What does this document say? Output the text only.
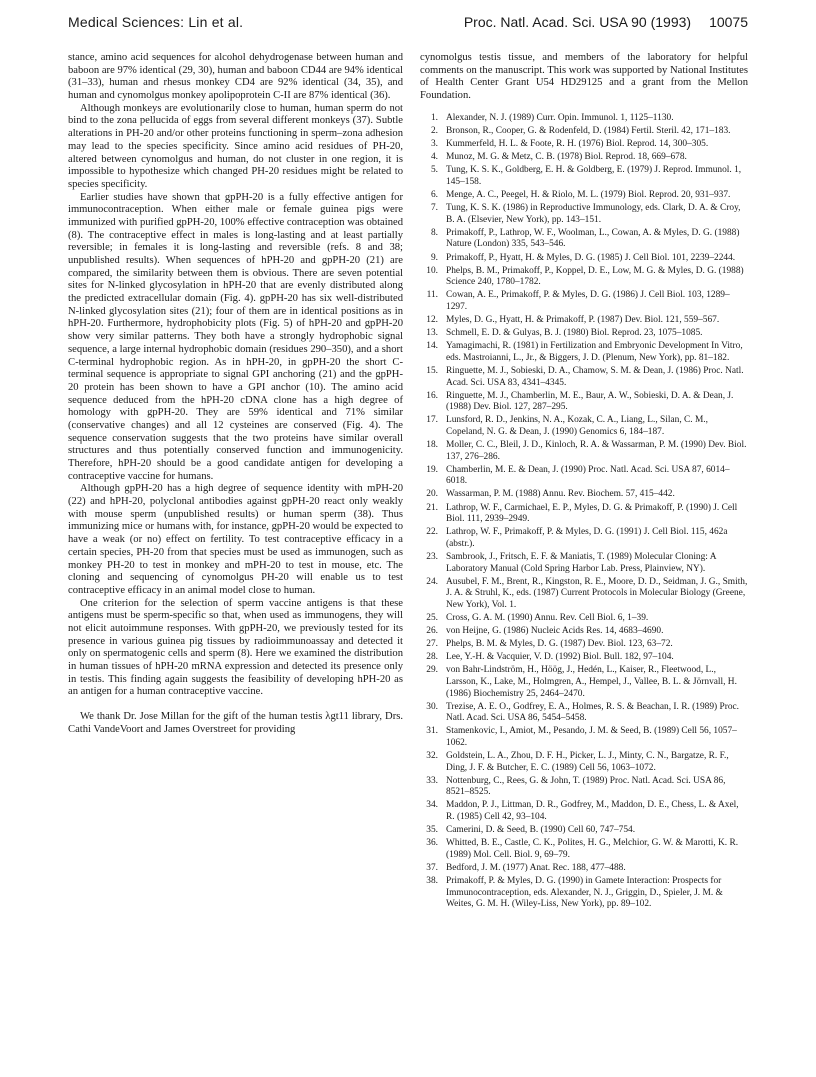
Medical Sciences: Lin et al.	Proc. Natl. Acad. Sci. USA 90 (1993) 10075

stance, amino acid sequences for alcohol dehydrogenase between human and baboon are 97% identical (29, 30), human and baboon CD44 are 94% identical (31–33), human and rhesus monkey CD4 are 92% identical (34, 35), and human and cynomolgus monkey apolipoprotein C-II are 87% identical (36).

Although monkeys are evolutionarily close to human, human sperm do not bind to the zona pellucida of eggs from several different monkeys (37). Subtle alterations in PH-20 and/or other proteins functioning in sperm–zona adhesion may lead to the species specificity. Since amino acid residues of PH-20, altered between cynomolgus and human, do not cluster in one region, it is impossible to hypothesize which changed PH-20 residues might be related to species specificity.

Earlier studies have shown that gpPH-20 is a fully effective antigen for immunocontraception. When either male or female guinea pigs were immunized with purified gpPH-20, 100% effective contraception was obtained (8). The contraceptive effect in males is long-lasting and at least partially reversible; in females it is long-lasting and reversible (refs. 8 and 38; unpublished results). When sequences of hPH-20 and gpPH-20 (21) are compared, the similarity between them is obvious. There are seven potential sites for N-linked glycosylation in hPH-20 that are evenly distributed along the predicted extracellular domain (Fig. 4). gpPH-20 has six well-distributed N-linked glycosylation sites (21); four of them are in identical positions as in hPH-20. Furthermore, hydrophobicity plots (Fig. 5) of hPH-20 and gpPH-20 show very similar patterns. They both have a strongly hydrophobic signal sequence, a large internal hydrophobic domain (residues 290–350), and a short C-terminal hydrophobic region. As in hPH-20, in gpPH-20 the short C-terminal sequence is appropriate to signal GPI anchoring (21) and the gpPH-20 protein has been shown to have a GPI anchor (10). The amino acid sequence deduced from the hPH-20 cDNA clone has a high degree of homology with gpPH-20. They are 59% identical and 71% similar (conservative changes) and all 12 cysteines are conserved (Fig. 4). The sequence conservation suggests that the two proteins have similar overall structures and thus potentially conserved function and immunogenicity. Therefore, hPH-20 should be a good candidate antigen for developing a contraceptive vaccine for humans.

Although gpPH-20 has a high degree of sequence identity with mPH-20 (22) and hPH-20, polyclonal antibodies against gpPH-20 react only weakly with mouse sperm (unpublished results) or human sperm (38). Thus immunizing mice or humans with, for instance, gpPH-20 would be expected to have a weak (or no) effect on fertility. To test contraceptive efficacy in a certain species, PH-20 from that species must be used as immunogen, such as monkey PH-20 to test in monkey and mPH-20 to test in mouse, etc. The cloning and sequencing of cynomolgus PH-20 will enable us to test contraceptive efficacy in an animal model close to human.

One criterion for the selection of sperm vaccine antigens is that these antigens must be sperm-specific so that, when used as immunogens, they will not elicit autoimmune responses. With gpPH-20, we previously tested for its presence in various guinea pig tissues by radioimmunoassay and detected it only on spermatogenic cells and sperm (8). Here we examined the distribution in human tissues of hPH-20 mRNA expression and detected its presence only in testis. This finding again suggests the feasibility of developing hPH-20 as an antigen for a human contraceptive vaccine.

We thank Dr. Jose Millan for the gift of the human testis λgt11 library, Drs. Cathi VandeVoort and James Overstreet for providing

cynomolgus testis tissue, and members of the laboratory for helpful comments on the manuscript. This work was supported by National Institutes of Health Center Grant U54 HD29125 and a grant from the Mellon Foundation.

1. Alexander, N. J. (1989) Curr. Opin. Immunol. 1, 1125–1130.
2. Bronson, R., Cooper, G. & Rodenfeld, D. (1984) Fertil. Steril. 42, 171–183.
3. Kummerfeld, H. L. & Foote, R. H. (1976) Biol. Reprod. 14, 300–305.
4. Munoz, M. G. & Metz, C. B. (1978) Biol. Reprod. 18, 669–678.
5. Tung, K. S. K., Goldberg, E. H. & Goldberg, E. (1979) J. Reprod. Immunol. 1, 145–158.
6. Menge, A. C., Peegel, H. & Riolo, M. L. (1979) Biol. Reprod. 20, 931–937.
7. Tung, K. S. K. (1986) in Reproductive Immunology, eds. Clark, D. A. & Croy, B. A. (Elsevier, New York), pp. 143–151.
8. Primakoff, P., Lathrop, W. F., Woolman, L., Cowan, A. & Myles, D. G. (1988) Nature (London) 335, 543–546.
9. Primakoff, P., Hyatt, H. & Myles, D. G. (1985) J. Cell Biol. 101, 2239–2244.
10. Phelps, B. M., Primakoff, P., Koppel, D. E., Low, M. G. & Myles, D. G. (1988) Science 240, 1780–1782.
11. Cowan, A. E., Primakoff, P. & Myles, D. G. (1986) J. Cell Biol. 103, 1289–1297.
12. Myles, D. G., Hyatt, H. & Primakoff, P. (1987) Dev. Biol. 121, 559–567.
13. Schmell, E. D. & Gulyas, B. J. (1980) Biol. Reprod. 23, 1075–1085.
14. Yamagimachi, R. (1981) in Fertilization and Embryonic Development In Vitro, eds. Mastroianni, L., Jr., & Biggers, J. D. (Plenum, New York), pp. 81–182.
15. Ringuette, M. J., Sobieski, D. A., Chamow, S. M. & Dean, J. (1986) Proc. Natl. Acad. Sci. USA 83, 4341–4345.
16. Ringuette, M. J., Chamberlin, M. E., Baur, A. W., Sobieski, D. A. & Dean, J. (1988) Dev. Biol. 127, 287–295.
17. Lunsford, R. D., Jenkins, N. A., Kozak, C. A., Liang, L., Silan, C. M., Copeland, N. G. & Dean, J. (1990) Genomics 6, 184–187.
18. Moller, C. C., Bleil, J. D., Kinloch, R. A. & Wassarman, P. M. (1990) Dev. Biol. 137, 276–286.
19. Chamberlin, M. E. & Dean, J. (1990) Proc. Natl. Acad. Sci. USA 87, 6014–6018.
20. Wassarman, P. M. (1988) Annu. Rev. Biochem. 57, 415–442.
21. Lathrop, W. F., Carmichael, E. P., Myles, D. G. & Primakoff, P. (1990) J. Cell Biol. 111, 2939–2949.
22. Lathrop, W. F., Primakoff, P. & Myles, D. G. (1991) J. Cell Biol. 115, 462a (abstr.).
23. Sambrook, J., Fritsch, E. F. & Maniatis, T. (1989) Molecular Cloning: A Laboratory Manual (Cold Spring Harbor Lab. Press, Plainview, NY).
24. Ausubel, F. M., Brent, R., Kingston, R. E., Moore, D. D., Seidman, J. G., Smith, J. A. & Struhl, K., eds. (1987) Current Protocols in Molecular Biology (Greene, New York), Vol. 1.
25. Cross, G. A. M. (1990) Annu. Rev. Cell Biol. 6, 1–39.
26. von Heijne, G. (1986) Nucleic Acids Res. 14, 4683–4690.
27. Phelps, B. M. & Myles, D. G. (1987) Dev. Biol. 123, 63–72.
28. Lee, Y.-H. & Vacquier, V. D. (1992) Biol. Bull. 182, 97–104.
29. von Bahr-Lindström, H., Höög, J., Hedén, L., Kaiser, R., Fleetwood, L., Larsson, K., Lake, M., Holmgren, A., Hempel, J., Vallee, B. L. & Jörnvall, H. (1986) Biochemistry 25, 2464–2470.
30. Trezise, A. E. O., Godfrey, E. A., Holmes, R. S. & Beachan, I. R. (1989) Proc. Natl. Acad. Sci. USA 86, 5454–5458.
31. Stamenkovic, I., Amiot, M., Pesando, J. M. & Seed, B. (1989) Cell 56, 1057–1062.
32. Goldstein, L. A., Zhou, D. F. H., Picker, L. J., Minty, C. N., Bargatze, R. F., Ding, J. F. & Butcher, E. C. (1989) Cell 56, 1063–1072.
33. Nottenburg, C., Rees, G. & John, T. (1989) Proc. Natl. Acad. Sci. USA 86, 8521–8525.
34. Maddon, P. J., Littman, D. R., Godfrey, M., Maddon, D. E., Chess, L. & Axel, R. (1985) Cell 42, 93–104.
35. Camerini, D. & Seed, B. (1990) Cell 60, 747–754.
36. Whitted, B. E., Castle, C. K., Polites, H. G., Melchior, G. W. & Marotti, K. R. (1989) Mol. Cell. Biol. 9, 69–79.
37. Bedford, J. M. (1977) Anat. Rec. 188, 477–488.
38. Primakoff, P. & Myles, D. G. (1990) in Gamete Interaction: Prospects for Immunocontraception, eds. Alexander, N. J., Griggin, D., Spieler, J. M. & Weites, G. M. H. (Wiley-Liss, New York), pp. 89–102.
